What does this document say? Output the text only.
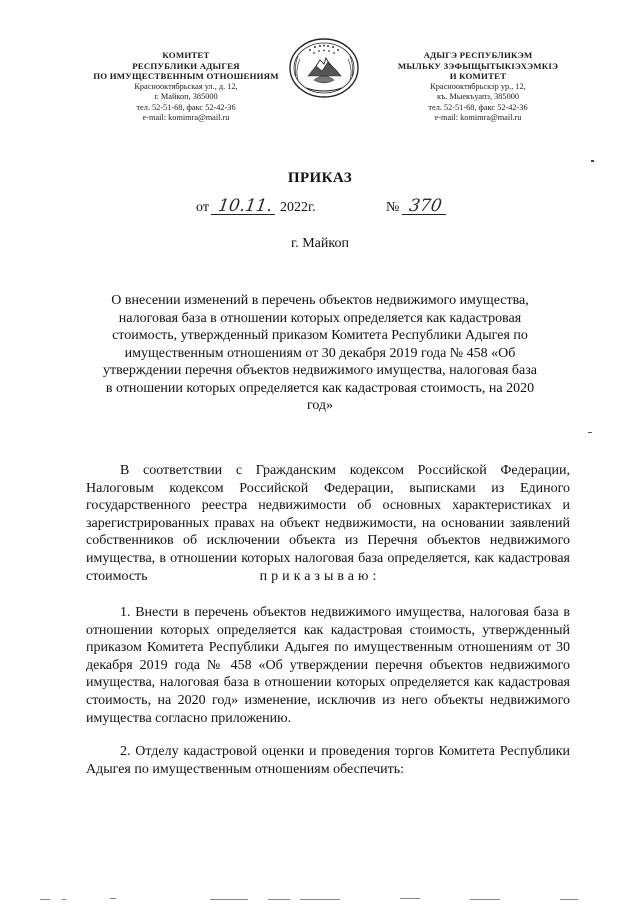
КОМИТЕТ
РЕСПУБЛИКИ АДЫГЕЯ
ПО ИМУЩЕСТВЕННЫМ ОТНОШЕНИЯМ
Краснооктябрьская ул., д. 12,
г. Майкоп, 385000
тел. 52-51-68, факс 52-42-36
e-mail: komimra@mail.ru
АДЫГЭ РЕСПУБЛИКЭМ
МЫЛЬКУ ЗЭФЫЩЫТЫКІЭХЭМКІЭ
И КОМИТЕТ
Краснооктябрьскэр ур., 12,
къ. Мыекъуапэ, 385000
тел. 52-51-68, факс 52-42-36
e-mail: komimra@mail.ru
ПРИКАЗ
от 10.11. 2022г.	№ 370
г. Майкоп
О внесении изменений в перечень объектов недвижимого имущества, налоговая база в отношении которых определяется как кадастровая стоимость, утвержденный приказом Комитета Республики Адыгея по имущественным отношениям от 30 декабря 2019 года № 458 «Об утверждении перечня объектов недвижимого имущества, налоговая база в отношении которых определяется как кадастровая стоимость, на 2020 год»
В соответствии с Гражданским кодексом Российской Федерации, Налоговым кодексом Российской Федерации, выписками из Единого государственного реестра недвижимости об основных характеристиках и зарегистрированных правах на объект недвижимости, на основании заявлений собственников об исключении объекта из Перечня объектов недвижимого имущества, в отношении которых налоговая база определяется, как кадастровая стоимость	приказываю:
1. Внести в перечень объектов недвижимого имущества, налоговая база в отношении которых определяется как кадастровая стоимость, утвержденный приказом Комитета Республики Адыгея по имущественным отношениям от 30 декабря 2019 года № 458 «Об утверждении перечня объектов недвижимого имущества, налоговая база в отношении которых определяется как кадастровая стоимость, на 2020 год» изменение, исключив из него объекты недвижимого имущества согласно приложению.
2. Отделу кадастровой оценки и проведения торгов Комитета Республики Адыгея по имущественным отношениям обеспечить:
